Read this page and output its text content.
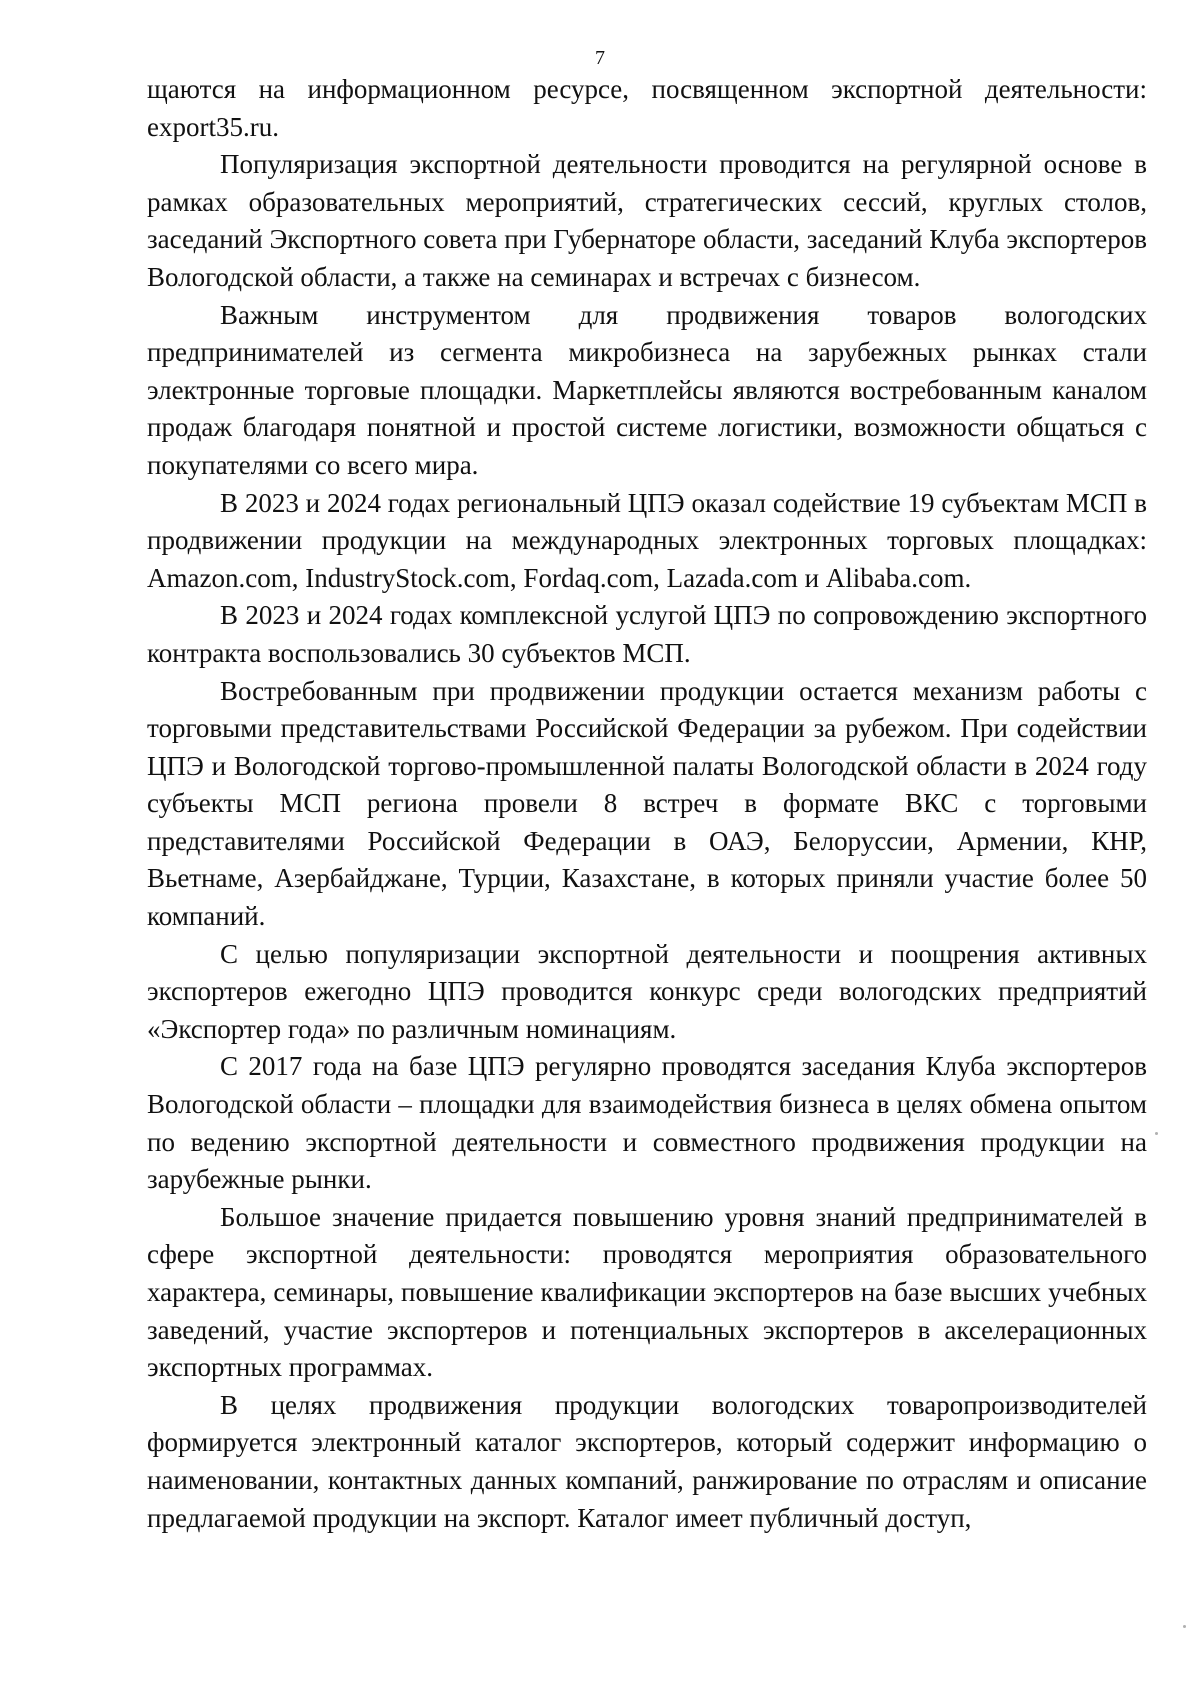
7

щаются на информационном ресурсе, посвященном экспортной деятельности: export35.ru.

Популяризация экспортной деятельности проводится на регулярной основе в рамках образовательных мероприятий, стратегических сессий, круглых столов, заседаний Экспортного совета при Губернаторе области, заседаний Клуба экспортеров Вологодской области, а также на семинарах и встречах с бизнесом.

Важным инструментом для продвижения товаров вологодских предпринимателей из сегмента микробизнеса на зарубежных рынках стали электронные торговые площадки. Маркетплейсы являются востребованным каналом продаж благодаря понятной и простой системе логистики, возможности общаться с покупателями со всего мира.

В 2023 и 2024 годах региональный ЦПЭ оказал содействие 19 субъектам МСП в продвижении продукции на международных электронных торговых площадках: Amazon.com, IndustryStock.com, Fordaq.com, Lazada.com и Alibaba.com.

В 2023 и 2024 годах комплексной услугой ЦПЭ по сопровождению экспортного контракта воспользовались 30 субъектов МСП.

Востребованным при продвижении продукции остается механизм работы с торговыми представительствами Российской Федерации за рубежом. При содействии ЦПЭ и Вологодской торгово-промышленной палаты Вологодской области в 2024 году субъекты МСП региона провели 8 встреч в формате ВКС с торговыми представителями Российской Федерации в ОАЭ, Белоруссии, Армении, КНР, Вьетнаме, Азербайджане, Турции, Казахстане, в которых приняли участие более 50 компаний.

С целью популяризации экспортной деятельности и поощрения активных экспортеров ежегодно ЦПЭ проводится конкурс среди вологодских предприятий «Экспортер года» по различным номинациям.

С 2017 года на базе ЦПЭ регулярно проводятся заседания Клуба экспортеров Вологодской области – площадки для взаимодействия бизнеса в целях обмена опытом по ведению экспортной деятельности и совместного продвижения продукции на зарубежные рынки.

Большое значение придается повышению уровня знаний предпринимателей в сфере экспортной деятельности: проводятся мероприятия образовательного характера, семинары, повышение квалификации экспортеров на базе высших учебных заведений, участие экспортеров и потенциальных экспортеров в акселерационных экспортных программах.

В целях продвижения продукции вологодских товаропроизводителей формируется электронный каталог экспортеров, который содержит информацию о наименовании, контактных данных компаний, ранжирование по отраслям и описание предлагаемой продукции на экспорт. Каталог имеет публичный доступ,
